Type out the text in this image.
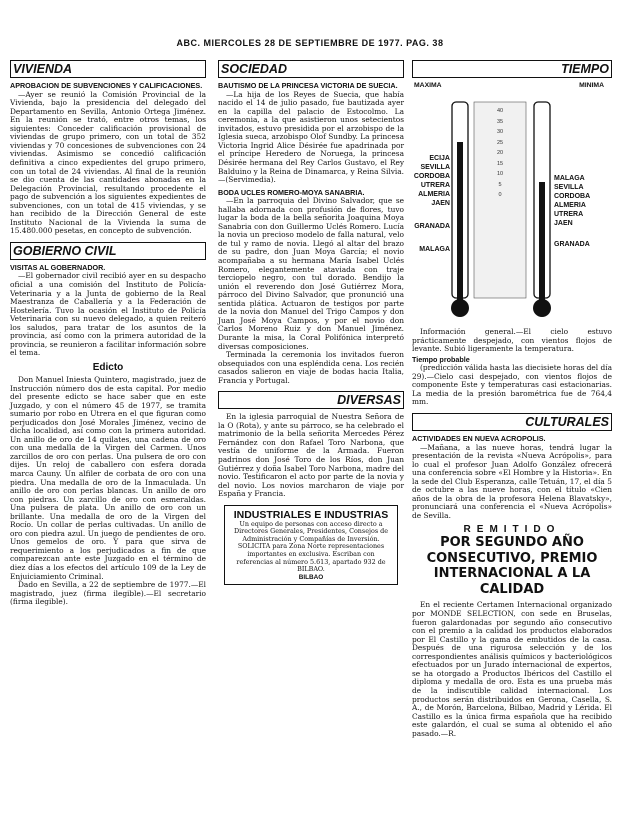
ABC. MIERCOLES 28 DE SEPTIEMBRE DE 1977. PAG. 38
VIVIENDA

APROBACION DE SUBVENCIONES Y CALIFICACIONES.

—Ayer se reunió la Comisión Provincial de la Vivienda, bajo la presidencia del delegado del Departamento en Sevilla, Antonio Ortega Jiménez. En la reunión se trató, entre otros temas, los siguientes: Conceder calificación provisional de viviendas de grupo primero, con un total de 352 viviendas y 70 concesiones de subvenciones con 24 viviendas. Asimismo se concedió calificación definitiva a cinco expedientes del grupo primero, con un total de 24 viviendas. Al final de la reunión se dio cuenta de las cantidades abonadas en la Delegación Provincial, resultando procedente el pago de subvención a los siguientes expedientes de subvenciones, con un total de 415 viviendas, y se han recibido de la Dirección General de este Instituto Nacional de la Vivienda la suma de 15.480.000 pesetas, en concepto de subvención.

GOBIERNO CIVIL

VISITAS AL GOBERNADOR.

—El gobernador civil recibió ayer en su despacho oficial a una comisión del Instituto de Policía-Veterinaria y a la Junta de gobierno de la Real Maestranza de Caballería y a la Federación de Hostelería. Tuvo la ocasión el Instituto de Policía Veterinaria con su nuevo delegado, a quien reiteró los saludos, para tratar de los asuntos de la provincia, así como con la primera autoridad de la provincia, se reunieron a facilitar información sobre el tema.

Edicto

Don Manuel Iniesta Quintero, magistrado, juez de Instrucción número dos de esta capital. Por medio del presente edicto se hace saber que en este Juzgado, y con el número 45 de 1977, se tramita sumario por robo en Utrera en el que figuran como perjudicados don José Morales Jiménez, vecino de dicha localidad, así como con la primera autoridad. Un anillo de oro de 14 quilates, una cadena de oro con una medalla de la Virgen del Carmen. Unos zarcillos de oro con perlas. Una pulsera de oro con dijes. Un reloj de caballero con esfera dorada marca Cauny. Un alfiler de corbata de oro con una piedra. Una medalla de oro de la Inmaculada. Un anillo de oro con perlas blancas. Un anillo de oro con piedras. Un zarcillo de oro con esmeraldas. Una pulsera de plata. Un anillo de oro con un brillante. Una medalla de oro de la Virgen del Rocío. Un collar de perlas cultivadas. Un anillo de oro con piedra azul. Un juego de pendientes de oro. Unos gemelos de oro. Y para que sirva de requerimiento a los perjudicados a fin de que comparezcan ante este Juzgado en el término de diez días a los efectos del artículo 109 de la Ley de Enjuiciamiento Criminal.

Dado en Sevilla, a 22 de septiembre de 1977.—El magistrado, juez (firma ilegible).—El secretario (firma ilegible).

SOCIEDAD

BAUTISMO DE LA PRINCESA VICTORIA DE SUECIA.

—La hija de los Reyes de Suecia, que había nacido el 14 de julio pasado, fue bautizada ayer en la capilla del palacio de Estocolmo. La ceremonia, a la que asistieron unos setecientos invitados, estuvo presidida por el arzobispo de la Iglesia sueca, arzobispo Olof Sundby. La princesa Victoria Ingrid Alice Désirée fue apadrinada por el príncipe Heredero de Noruega, la princesa Désirée hermana del Rey Carlos Gustavo, el Rey Balduino y la Reina de Dinamarca, y Reina Silvia.—(Servimedia).

BODA UCLES ROMERO-MOYA SANABRIA.

—En la parroquia del Divino Salvador, que se hallaba adornada con profusión de flores, tuvo lugar la boda de la bella señorita Joaquina Moya Sanabria con don Guillermo Uclés Romero. Lucía la novia un precioso modelo de falla natural, velo de tul y ramo de novia. Llegó al altar del brazo de su padre, don Juan Moya García; el novio acompañaba a su hermana María Isabel Uclés Romero, elegantemente ataviada con traje terciopelo negro, con tul dorado. Bendijo la unión el reverendo don José Gutiérrez Mora, párroco del Divino Salvador, que pronunció una sentida plática. Actuaron de testigos por parte de la novia don Manuel del Trigo Campos y don Juan José Moya Campos, y por el novio don Carlos Moreno Ruiz y don Manuel Jiménez. Durante la misa, la Coral Polifónica interpretó diversas composiciones.

Terminada la ceremonia los invitados fueron obsequiados con una espléndida cena. Los recién casados salieron en viaje de bodas hacia Italia, Francia y Portugal.

DIVERSAS

En la iglesia parroquial de Nuestra Señora de la O (Rota), y ante su párroco, se ha celebrado el matrimonio de la bella señorita Mercedes Pérez Fernández con don Rafael Toro Narbona, que vestía de uniforme de la Armada. Fueron padrinos don José Toro de los Ríos, don Juan Gutiérrez y doña Isabel Toro Narbona, madre del novio. Testificaron el acto por parte de la novia y del novio. Los novios marcharon de viaje por España y Francia.

INDUSTRIALES E INDUSTRIAS
Un equipo de personas con acceso directo a Directores Generales, Presidentes, Consejos de Administración y Compañías de Inversión. SOLICITA para Zona Norte representaciones importantes en exclusiva. Escriban con referencias al número 5.613, apartado 932 de BILBAO.
BILBAO
TIEMPO
MAXIMA	MINIMA
40
35
30
25
20
15
10
5
0
ECIJA
SEVILLA
CORDOBA
UTRERA
ALMERIA
JAEN
GRANADA
MALAGA
MALAGA
SEVILLA
CORDOBA
ALMERIA
UTRERA
JAEN
GRANADA

Información general.—El cielo estuvo prácticamente despejado, con vientos flojos de levante. Subió ligeramente la temperatura.

Tiempo probable

(predicción válida hasta las diecisiete horas del día 29).—Cielo casi despejado, con vientos flojos de componente Este y temperaturas casi estacionarias. La media de la presión barométrica fue de 764,4 mm.

CULTURALES

ACTIVIDADES EN NUEVA ACROPOLIS.

—Mañana, a las nueve horas, tendrá lugar la presentación de la revista «Nueva Acrópolis», para lo cual el profesor Juan Adolfo González ofrecerá una conferencia sobre «El Hombre y la Historia». En la sede del Club Esperanza, calle Tetuán, 17, el día 5 de octubre a las nueve horas, con el título «Cien años de la obra de la profesora Helena Blavatsky», pronunciará una conferencia el «Nueva Acrópolis» de Sevilla.

REMITIDO
POR SEGUNDO AÑO CONSECUTIVO, PREMIO INTERNACIONAL A LA CALIDAD

En el reciente Certamen Internacional organizado por MONDE SELECTION, con sede en Bruselas, fueron galardonadas por segundo año consecutivo con el premio a la calidad los productos elaborados por El Castillo y la gama de embutidos de la casa. Después de una rigurosa selección y de los correspondientes análisis químicos y bacteriológicos efectuados por un Jurado internacional de expertos, se ha otorgado a Productos Ibéricos del Castillo el diploma y medalla de oro. Esta es una prueba más de la indiscutible calidad internacional. Los productos serán distribuidos en Gerona, Casella, S. A., de Morón, Barcelona, Bilbao, Madrid y Lérida. El Castillo es la única firma española que ha recibido este galardón, el cual se suma al obtenido el año pasado.—R.
